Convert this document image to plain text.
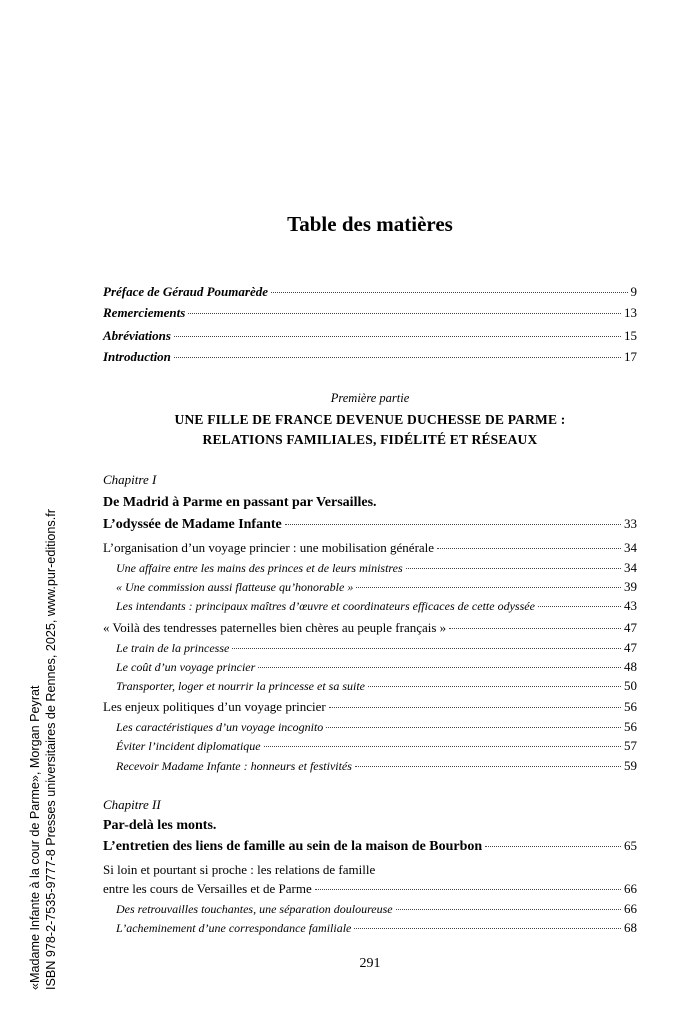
«Madame Infante à la cour de Parme», Morgan Peyrat ISBN 978-2-7535-9777-8 Presses universitaires de Rennes, 2025, www.pur-editions.fr
Table des matières
Préface de Géraud Poumarède	9
Remerciements	13
Abréviations	15
Introduction	17
Première partie
UNE FILLE DE FRANCE DEVENUE DUCHESSE DE PARME :
RELATIONS FAMILIALES, FIDÉLITÉ ET RÉSEAUX
Chapitre I
De Madrid à Parme en passant par Versailles.
L’odyssée de Madame Infante	33
L’organisation d’un voyage princier : une mobilisation générale	34
Une affaire entre les mains des princes et de leurs ministres	34
« Une commission aussi flatteuse qu’honorable »	39
Les intendants : principaux maîtres d’œuvre et coordinateurs efficaces de cette odyssée	43
« Voilà des tendresses paternelles bien chères au peuple français »	47
Le train de la princesse	47
Le coût d’un voyage princier	48
Transporter, loger et nourrir la princesse et sa suite	50
Les enjeux politiques d’un voyage princier	56
Les caractéristiques d’un voyage incognito	56
Éviter l’incident diplomatique	57
Recevoir Madame Infante : honneurs et festivités	59
Chapitre II
Par-delà les monts.
L’entretien des liens de famille au sein de la maison de Bourbon	65
Si loin et pourtant si proche : les relations de famille
entre les cours de Versailles et de Parme	66
Des retrouvailles touchantes, une séparation douloureuse	66
L’acheminement d’une correspondance familiale	68
291
